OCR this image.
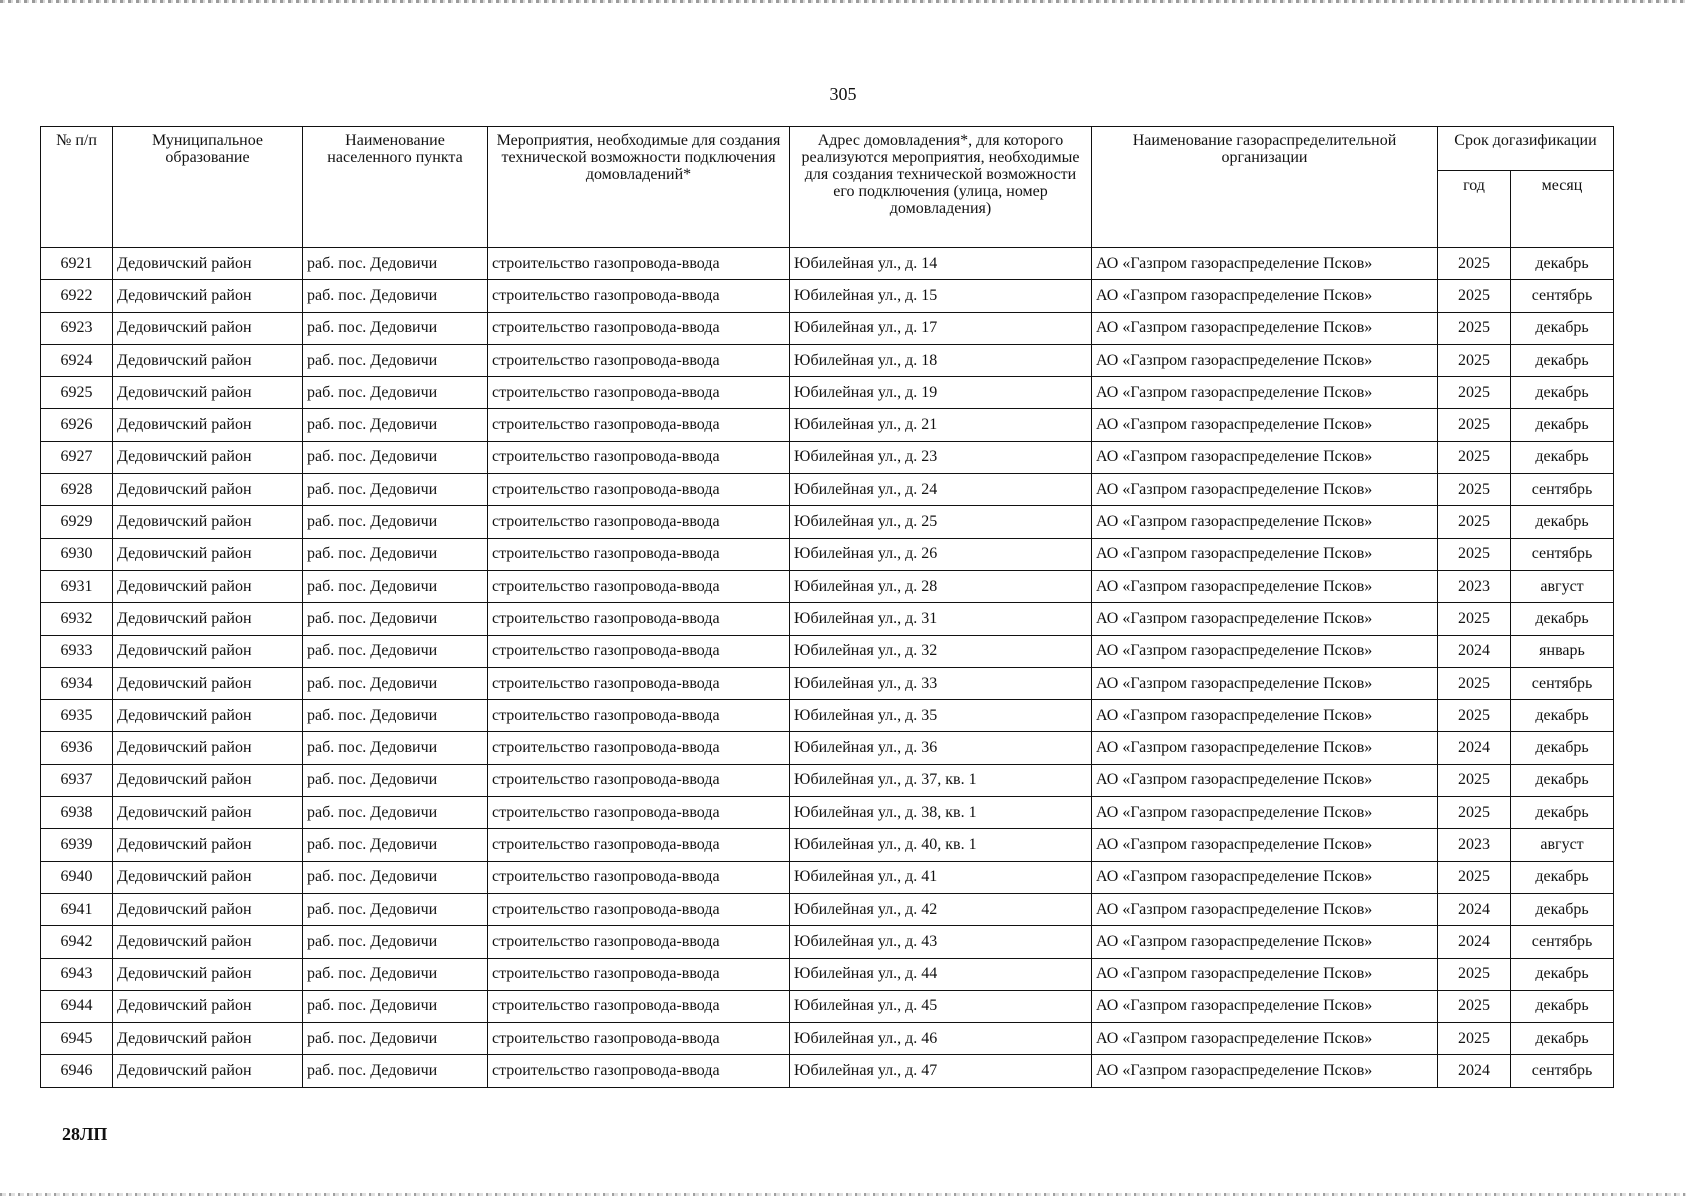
305
№ п/п	Муниципальное образование	Наименование населенного пункта	Мероприятия, необходимые для создания технической возможности подключения домовладений*	Адрес домовладения*, для которого реализуются мероприятия, необходимые для создания технической возможности его подключения (улица, номер домовладения)	Наименование газораспределительной организации	Срок догазификации	
						год	месяц
6921	Дедовичский район	раб. пос. Дедовичи	строительство газопровода-ввода	Юбилейная ул., д. 14	АО «Газпром газораспределение Псков»	2025	декабрь
6922	Дедовичский район	раб. пос. Дедовичи	строительство газопровода-ввода	Юбилейная ул., д. 15	АО «Газпром газораспределение Псков»	2025	сентябрь
6923	Дедовичский район	раб. пос. Дедовичи	строительство газопровода-ввода	Юбилейная ул., д. 17	АО «Газпром газораспределение Псков»	2025	декабрь
6924	Дедовичский район	раб. пос. Дедовичи	строительство газопровода-ввода	Юбилейная ул., д. 18	АО «Газпром газораспределение Псков»	2025	декабрь
6925	Дедовичский район	раб. пос. Дедовичи	строительство газопровода-ввода	Юбилейная ул., д. 19	АО «Газпром газораспределение Псков»	2025	декабрь
6926	Дедовичский район	раб. пос. Дедовичи	строительство газопровода-ввода	Юбилейная ул., д. 21	АО «Газпром газораспределение Псков»	2025	декабрь
6927	Дедовичский район	раб. пос. Дедовичи	строительство газопровода-ввода	Юбилейная ул., д. 23	АО «Газпром газораспределение Псков»	2025	декабрь
6928	Дедовичский район	раб. пос. Дедовичи	строительство газопровода-ввода	Юбилейная ул., д. 24	АО «Газпром газораспределение Псков»	2025	сентябрь
6929	Дедовичский район	раб. пос. Дедовичи	строительство газопровода-ввода	Юбилейная ул., д. 25	АО «Газпром газораспределение Псков»	2025	декабрь
6930	Дедовичский район	раб. пос. Дедовичи	строительство газопровода-ввода	Юбилейная ул., д. 26	АО «Газпром газораспределение Псков»	2025	сентябрь
6931	Дедовичский район	раб. пос. Дедовичи	строительство газопровода-ввода	Юбилейная ул., д. 28	АО «Газпром газораспределение Псков»	2023	август
6932	Дедовичский район	раб. пос. Дедовичи	строительство газопровода-ввода	Юбилейная ул., д. 31	АО «Газпром газораспределение Псков»	2025	декабрь
6933	Дедовичский район	раб. пос. Дедовичи	строительство газопровода-ввода	Юбилейная ул., д. 32	АО «Газпром газораспределение Псков»	2024	январь
6934	Дедовичский район	раб. пос. Дедовичи	строительство газопровода-ввода	Юбилейная ул., д. 33	АО «Газпром газораспределение Псков»	2025	сентябрь
6935	Дедовичский район	раб. пос. Дедовичи	строительство газопровода-ввода	Юбилейная ул., д. 35	АО «Газпром газораспределение Псков»	2025	декабрь
6936	Дедовичский район	раб. пос. Дедовичи	строительство газопровода-ввода	Юбилейная ул., д. 36	АО «Газпром газораспределение Псков»	2024	декабрь
6937	Дедовичский район	раб. пос. Дедовичи	строительство газопровода-ввода	Юбилейная ул., д. 37, кв. 1	АО «Газпром газораспределение Псков»	2025	декабрь
6938	Дедовичский район	раб. пос. Дедовичи	строительство газопровода-ввода	Юбилейная ул., д. 38, кв. 1	АО «Газпром газораспределение Псков»	2025	декабрь
6939	Дедовичский район	раб. пос. Дедовичи	строительство газопровода-ввода	Юбилейная ул., д. 40, кв. 1	АО «Газпром газораспределение Псков»	2023	август
6940	Дедовичский район	раб. пос. Дедовичи	строительство газопровода-ввода	Юбилейная ул., д. 41	АО «Газпром газораспределение Псков»	2025	декабрь
6941	Дедовичский район	раб. пос. Дедовичи	строительство газопровода-ввода	Юбилейная ул., д. 42	АО «Газпром газораспределение Псков»	2024	декабрь
6942	Дедовичский район	раб. пос. Дедовичи	строительство газопровода-ввода	Юбилейная ул., д. 43	АО «Газпром газораспределение Псков»	2024	сентябрь
6943	Дедовичский район	раб. пос. Дедовичи	строительство газопровода-ввода	Юбилейная ул., д. 44	АО «Газпром газораспределение Псков»	2025	декабрь
6944	Дедовичский район	раб. пос. Дедовичи	строительство газопровода-ввода	Юбилейная ул., д. 45	АО «Газпром газораспределение Псков»	2025	декабрь
6945	Дедовичский район	раб. пос. Дедовичи	строительство газопровода-ввода	Юбилейная ул., д. 46	АО «Газпром газораспределение Псков»	2025	декабрь
6946	Дедовичский район	раб. пос. Дедовичи	строительство газопровода-ввода	Юбилейная ул., д. 47	АО «Газпром газораспределение Псков»	2024	сентябрь
28ЛП
